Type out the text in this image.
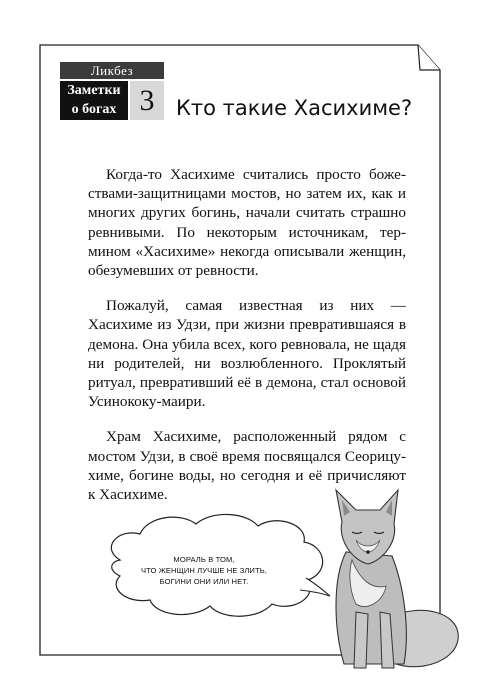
Ликбез
Заметки
о богах 3	Кто такие Хасихиме?

Когда-то Хасихиме считались просто божествами-защитницами мостов, но затем их, как и многих других богинь, начали считать страшно ревнивыми. По некоторым источникам, термином «Хасихиме» некогда описывали женщин, обезумевших от ревности.

Пожалуй, самая известная из них — Хасихиме из Удзи, при жизни превратившаяся в демона. Она убила всех, кого ревновала, не щадя ни родителей, ни возлюбленного. Проклятый ритуал, превративший её в демона, стал основой Усинококу-маири.

Храм Хасихиме, расположенный рядом с мостом Удзи, в своё время посвящался Сеорицу-химе, богине воды, но сегодня и её причисляют к Хасихиме.

МОРАЛЬ В ТОМ,
ЧТО ЖЕНЩИН ЛУЧШЕ НЕ ЗЛИТЬ,
БОГИНИ ОНИ ИЛИ НЕТ.
